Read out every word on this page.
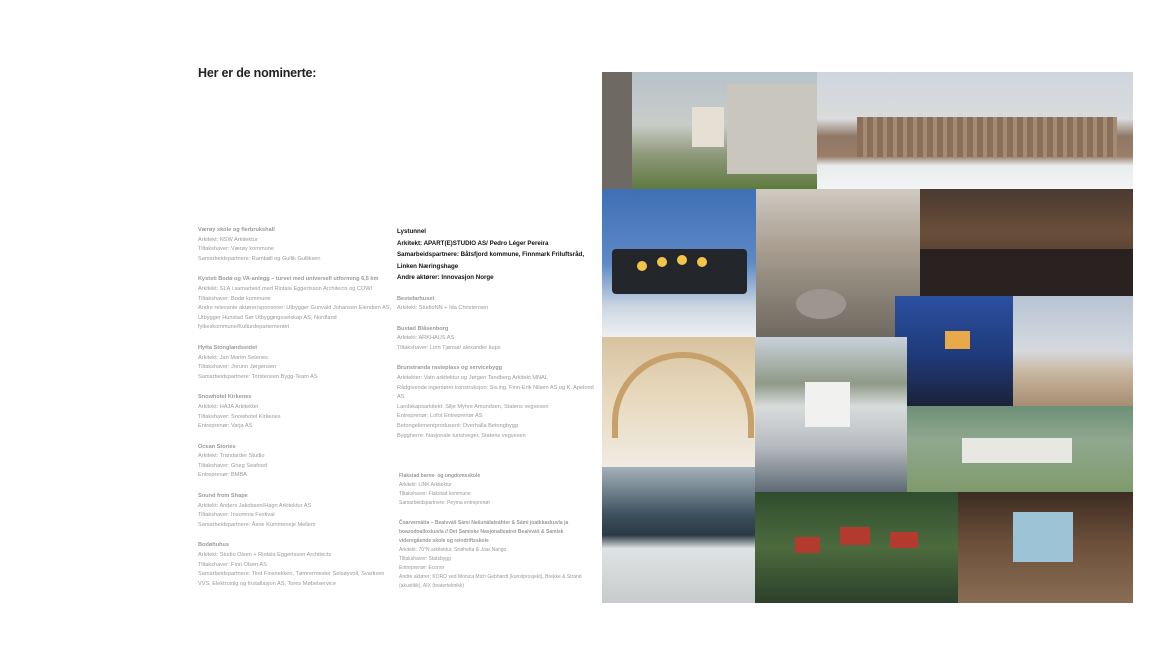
Her er de nominerte:
Værøy skole og flerbrukshall
Arkitekt: NSW Arkitektur
Tiltakshaver: Værøy kommune
Samarbeidspartnere: Rambøll og Gullik Gulliksen
Kyststi Bodø og VA-anlegg – turvei med universell utforming 6,5 km
Arkitekt: SLA i samarbeid med Rintala Eggertsson Architects og COWI
Tiltakshaver: Bodø kommune
Andre relevante aktører/sponsorer: Utbygger Gunvald Johansen Eiendom AS, Utbygger Hunstad Sør Utbyggingsselskap AS, Nordland fylkeskommune/Kulturdepartementet
Hytta Stonglandseidet
Arkitekt: Jan Martin Setenes
Tiltakshaver: Jorunn Jørgensen
Samarbeidspartnere: Torstensen Bygg-Team AS
Snowhotel Kirkenes
Arkitekt: HAJA Arkitekter
Tiltakshaver: Snowhotel Kirkenes
Entreprenør: Varja AS
Ocean Stories
Arkitekt: Trandarder Studio
Tiltakshaver: Grieg Seafood
Entreprenør: BMBA
Sound from Shape
Arkitekt: Anders Jakobsen/Hagn Arkitektur AS
Tiltakshaver: Insomnia Festival
Samarbeidspartnere: Åsne Kummeneje Mellem
Bodøhuhus
Arkitekt: Studio Olsen + Rintala Eggertsson Architects
Tiltakshaver: Finn Olsen AS
Samarbeidspartnere: Tind Finsnekkeri, Tømrermester Selsøyvoll, Svartisen VVS, Elektrostig og Installasjon AS, Tores Møbelservice
Lystunnel
Arkitekt: APART(E)STUDIO AS/ Pedro Léger Pereira
Samarbeidspartnere: Båtsfjord kommune, Finnmark Friluftsråd, Linken Næringshage
Andre aktører: Innovasjon Norge
Bestefarhuset
Arkitekt: StudioNN + Ida Christensen
Bustad Blåsenborg
Arkitekt: ARKHAUS AS
Tiltakshaver: Linn Tjønsø/ alexander kups
Brunstranda rasteplass og servicebygg
Arkitekter: Vatn arkitektur og Jørgen Tandberg Arkitekt MNAL
Rådgivende ingeniører konstruksjon: Siv.ing. Finn-Erik Nilsen AS og K. Apelond AS
Landskapsarkitekt: Silje Myhre Amundsen, Statens vegvesen
Entreprenør: Lofot Entreprenør AS
Betongelementprodusent: Overhalla Betongbygg
Byggherre: Nasjonale turistveger, Statens vegvesen
Flakstad barne- og ungdomsskole
Arkitekt: LINK Arkitektur
Tiltakshaver: Flakstad kommune
Samarbeidspartnere: Peyma entreprenør
Čoarvemátta – Beaivváš Sámi Našunálateáhter & Sámi joatkkaskuvla ja boazodoalloskuvla // Det Samiske Nasjonalteatret Beaivváš & Samisk videregående skole og reindriftsskole
Arkitekt: 70°N arkitektur, Snøhetta & Joar Nango
Tiltakshaver: Statsbygg
Entreprenør: Econor
Andre aktører: KORO ved Monica Mich Gebhardt (kunstprosjekt), Brekke & Strand (akustikk), AIX (teaterteknikk)
